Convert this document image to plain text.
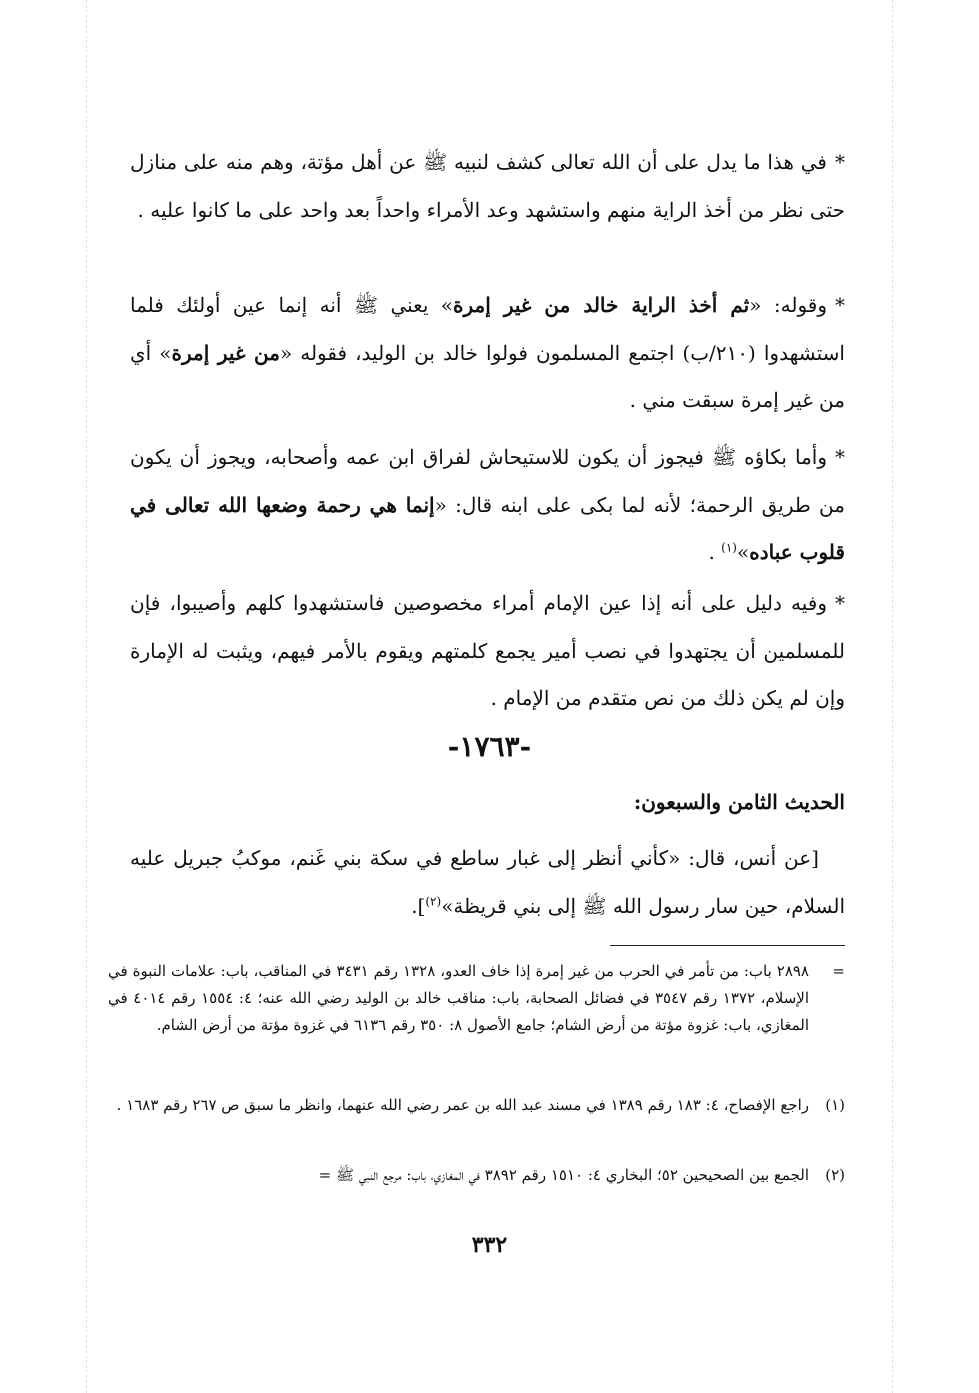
*في هذا ما يدل على أن الله تعالى كشف لنبيه ﷺ عن أهل مؤتة، وهم منه على منازل حتى نظر من أخذ الراية منهم واستشهد وعد الأمراء واحداً بعد واحد على ما كانوا عليه .

*وقوله: «ثم أخذ الراية خالد من غير إمرة» يعني ﷺ أنه إنما عين أولئك فلما استشهدوا (٢١٠/ب) اجتمع المسلمون فولوا خالد بن الوليد، فقوله «من غير إمرة» أي من غير إمرة سبقت مني .

*وأما بكاؤه ﷺ فيجوز أن يكون للاستيحاش لفراق ابن عمه وأصحابه، ويجوز أن يكون من طريق الرحمة؛ لأنه لما بكى على ابنه قال: «إنما هي رحمة وضعها الله تعالى في قلوب عباده»$^{(١)}$ .

*وفيه دليل على أنه إذا عين الإمام أمراء مخصوصين فاستشهدوا كلهم وأصيبوا، فإن للمسلمين أن يجتهدوا في نصب أمير يجمع كلمتهم ويقوم بالأمر فيهم، ويثبت له الإمارة وإن لم يكن ذلك من نص متقدم من الإمام .

-١٧٦٣-
الحديث الثامن والسبعون:
[عن أنس، قال: «كأني أنظر إلى غبار ساطع في سكة بني غَنم، موكبُ جبريل عليه السلام، حين سار رسول الله ﷺ إلى بني قريظة»$^{(٢)}$].
=
٢٨٩٨ باب: من تأمر في الحرب من غير إمرة إذا خاف العدو، ١٣٢٨ رقم ٣٤٣١ في المناقب، باب: علامات النبوة في الإسلام، ١٣٧٢ رقم ٣٥٤٧ في فضائل الصحابة، باب: مناقب خالد بن الوليد رضي الله عنه؛ ٤: ١٥٥٤ رقم ٤٠١٤ في المغازي، باب: غزوة مؤتة من أرض الشام؛ جامع الأصول ٨: ٣٥٠ رقم ٦١٣٦ في غزوة مؤتة من أرض الشام.
(١)
راجع الإفصاح، ٤: ١٨٣ رقم ١٣٨٩ في مسند عبد الله بن عمر رضي الله عنهما، وانظر ما سبق ص ٢٦٧ رقم ١٦٨٣ .
(٢)
الجمع بين الصحيحين ٥٢؛ البخاري ٤: ١٥١٠ رقم ٣٨٩٢ في المغازي، باب: مرجع النبي ﷺ =
٣٣٢
